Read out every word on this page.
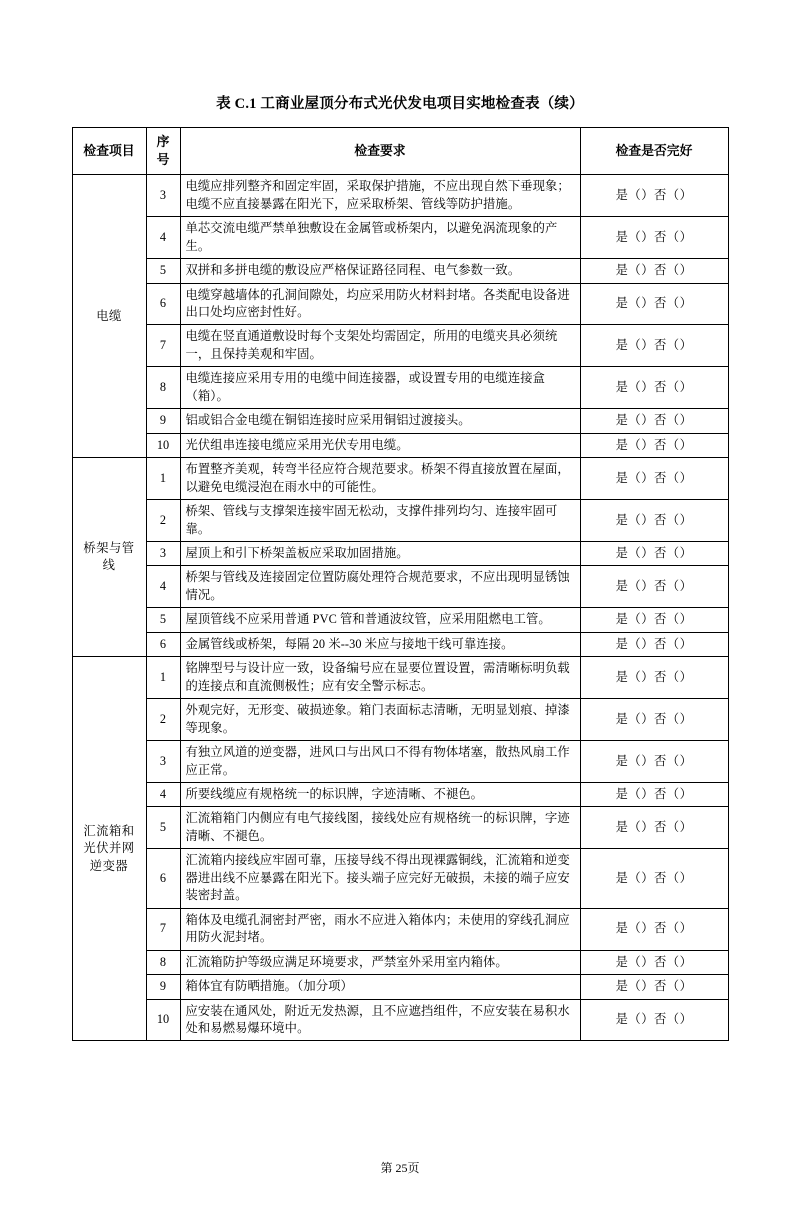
表 C.1 工商业屋顶分布式光伏发电项目实地检查表（续）
检查项目	序号	检查要求	检查是否完好
电缆	3	电缆应排列整齐和固定牢固，采取保护措施，不应出现自然下垂现象；电缆不应直接暴露在阳光下，应采取桥架、管线等防护措施。	是（）否（）
	4	单芯交流电缆严禁单独敷设在金属管或桥架内，以避免涡流现象的产生。	是（）否（）
	5	双拼和多拼电缆的敷设应严格保证路径同程、电气参数一致。	是（）否（）
	6	电缆穿越墙体的孔洞间隙处，均应采用防火材料封堵。各类配电设备进出口处均应密封性好。	是（）否（）
	7	电缆在竖直通道敷设时每个支架处均需固定，所用的电缆夹具必须统一，且保持美观和牢固。	是（）否（）
	8	电缆连接应采用专用的电缆中间连接器，或设置专用的电缆连接盒（箱）。	是（）否（）
	9	铝或铝合金电缆在铜铝连接时应采用铜铝过渡接头。	是（）否（）
	10	光伏组串连接电缆应采用光伏专用电缆。	是（）否（）
桥架与管线	1	布置整齐美观，转弯半径应符合规范要求。桥架不得直接放置在屋面，以避免电缆浸泡在雨水中的可能性。	是（）否（）
	2	桥架、管线与支撑架连接牢固无松动，支撑件排列均匀、连接牢固可靠。	是（）否（）
	3	屋顶上和引下桥架盖板应采取加固措施。	是（）否（）
	4	桥架与管线及连接固定位置防腐处理符合规范要求，不应出现明显锈蚀情况。	是（）否（）
	5	屋顶管线不应采用普通 PVC 管和普通波纹管，应采用阻燃电工管。	是（）否（）
	6	金属管线或桥架，每隔 20 米--30 米应与接地干线可靠连接。	是（）否（）
汇流箱和光伏并网逆变器	1	铭牌型号与设计应一致，设备编号应在显要位置设置，需清晰标明负载的连接点和直流侧极性；应有安全警示标志。	是（）否（）
	2	外观完好，无形变、破损迹象。箱门表面标志清晰，无明显划痕、掉漆等现象。	是（）否（）
	3	有独立风道的逆变器，进风口与出风口不得有物体堵塞，散热风扇工作应正常。	是（）否（）
	4	所要线缆应有规格统一的标识牌，字迹清晰、不褪色。	是（）否（）
	5	汇流箱箱门内侧应有电气接线图，接线处应有规格统一的标识牌，字迹清晰、不褪色。	是（）否（）
	6	汇流箱内接线应牢固可靠，压接导线不得出现裸露铜线，汇流箱和逆变器进出线不应暴露在阳光下。接头端子应完好无破损，未接的端子应安装密封盖。	是（）否（）
	7	箱体及电缆孔洞密封严密，雨水不应进入箱体内；未使用的穿线孔洞应用防火泥封堵。	是（）否（）
	8	汇流箱防护等级应满足环境要求，严禁室外采用室内箱体。	是（）否（）
	9	箱体宜有防晒措施。（加分项）	是（）否（）
	10	应安装在通风处，附近无发热源，且不应遮挡组件，不应安装在易积水处和易燃易爆环境中。	是（）否（）
第 25页
